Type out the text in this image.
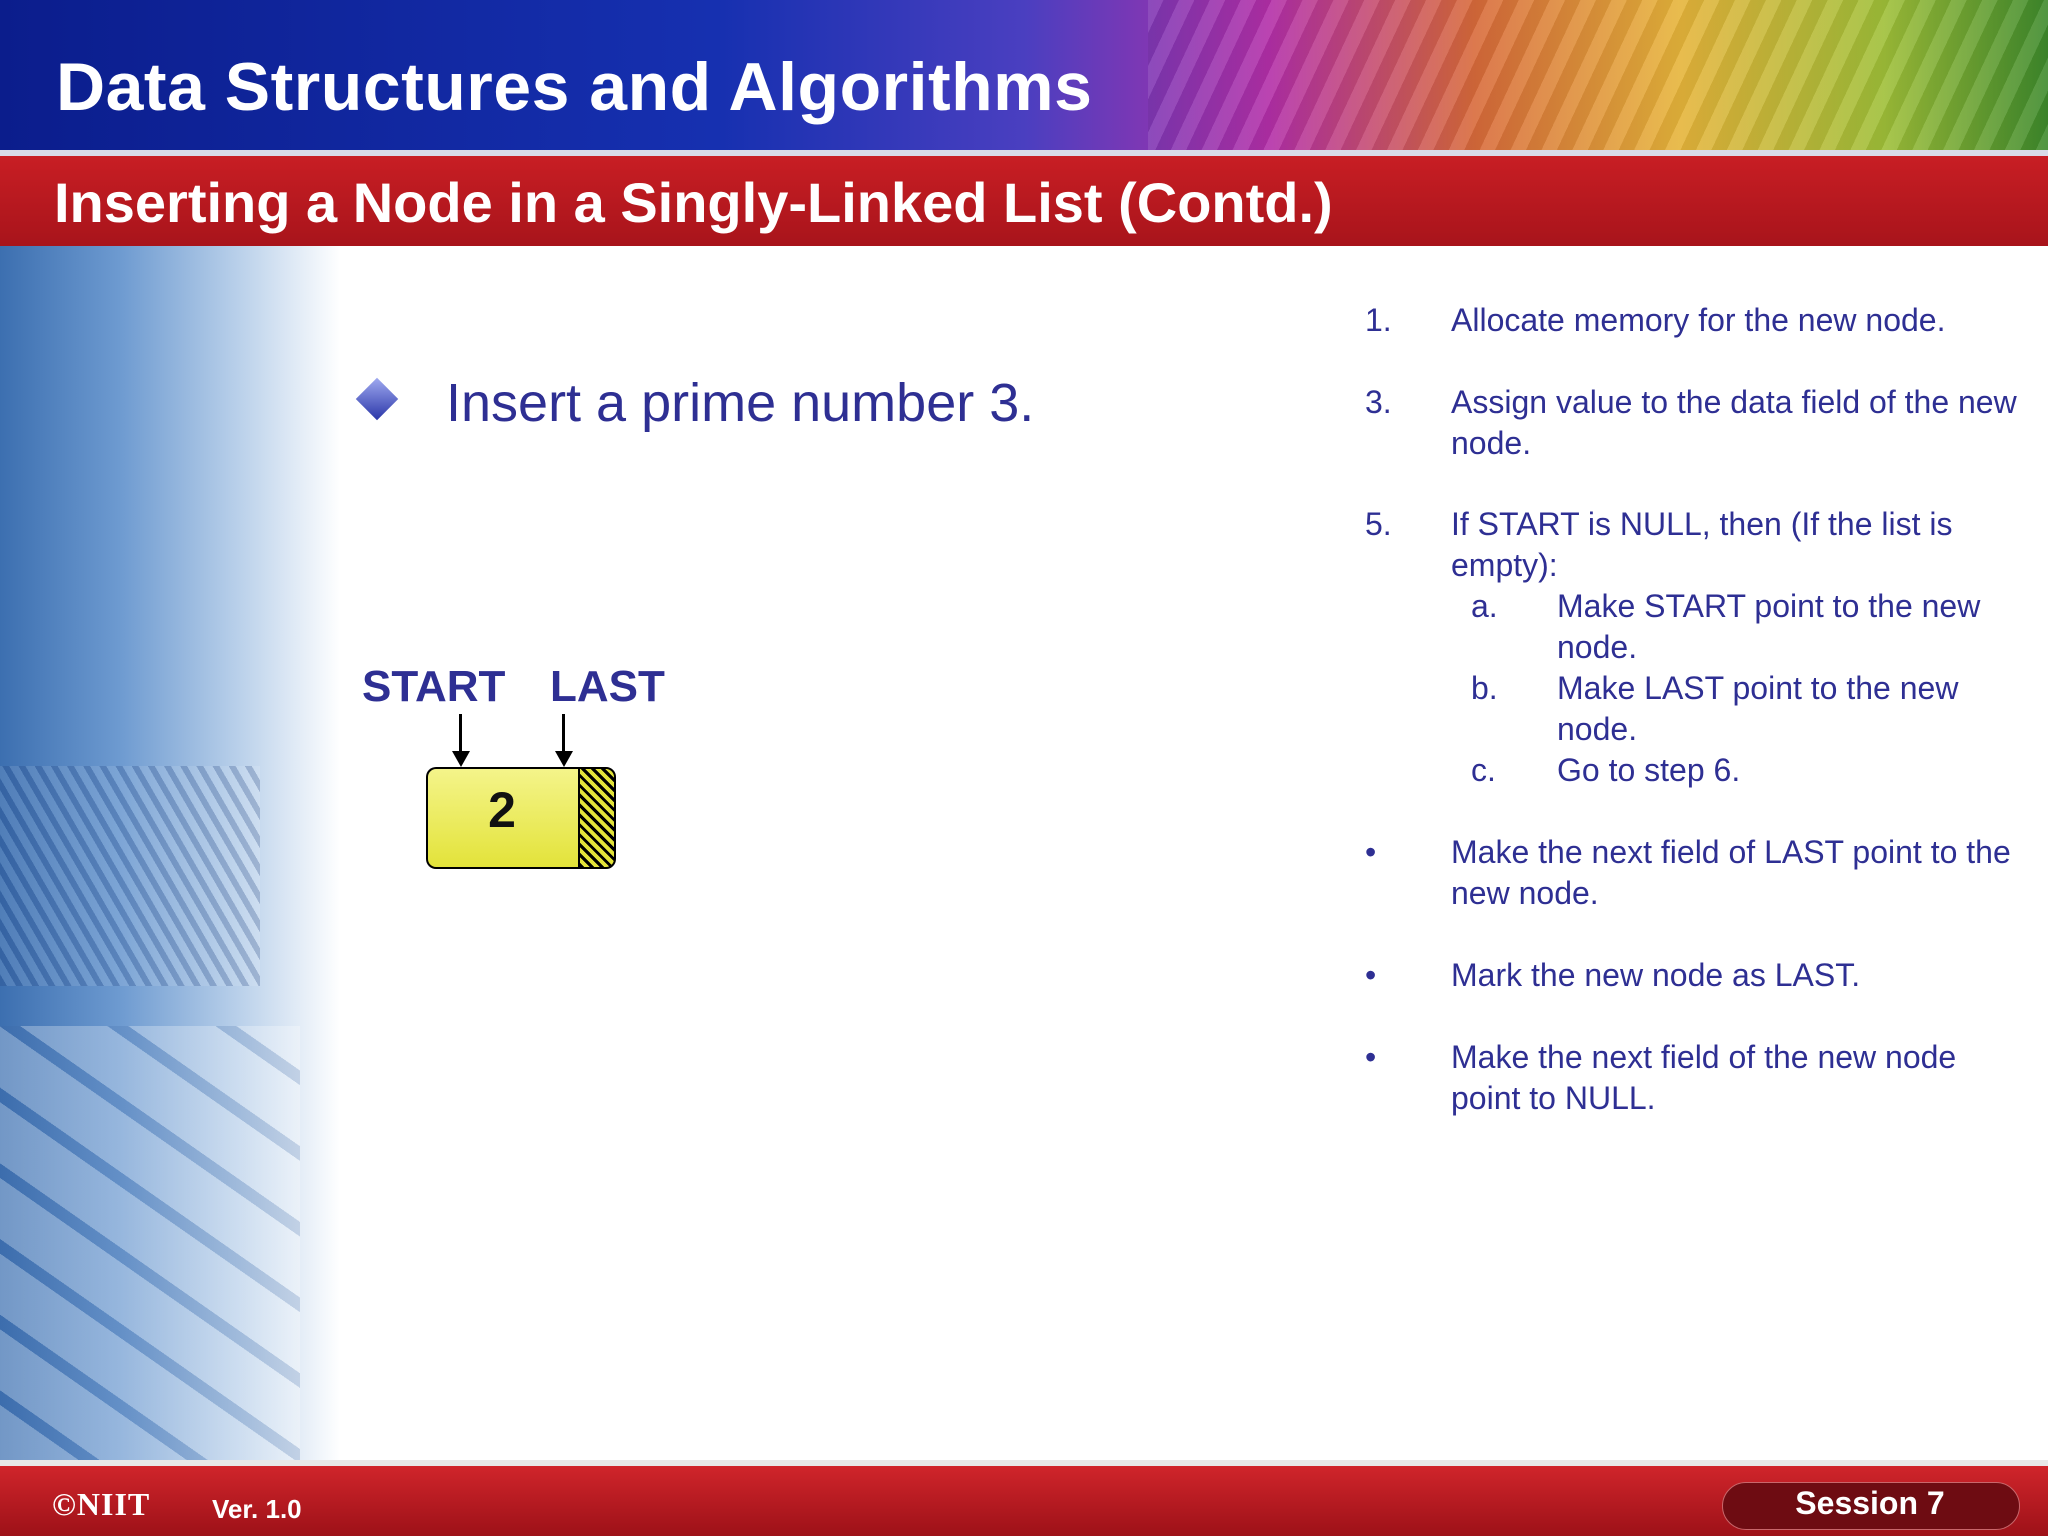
Data Structures and Algorithms
Inserting a Node in a Singly-Linked List (Contd.)
Insert a prime number 3.
START LAST
2
1. Allocate memory for the new node.
3. Assign value to the data field of the new node.
5. If START is NULL, then (If the list is empty):
a. Make START point to the new node.
b. Make LAST point to the new node.
c. Go to step 6.
• Make the next field of LAST point to the new node.
• Mark the new node as LAST.
• Make the next field of the new node point to NULL.
©NIIT Ver. 1.0	Session 7
